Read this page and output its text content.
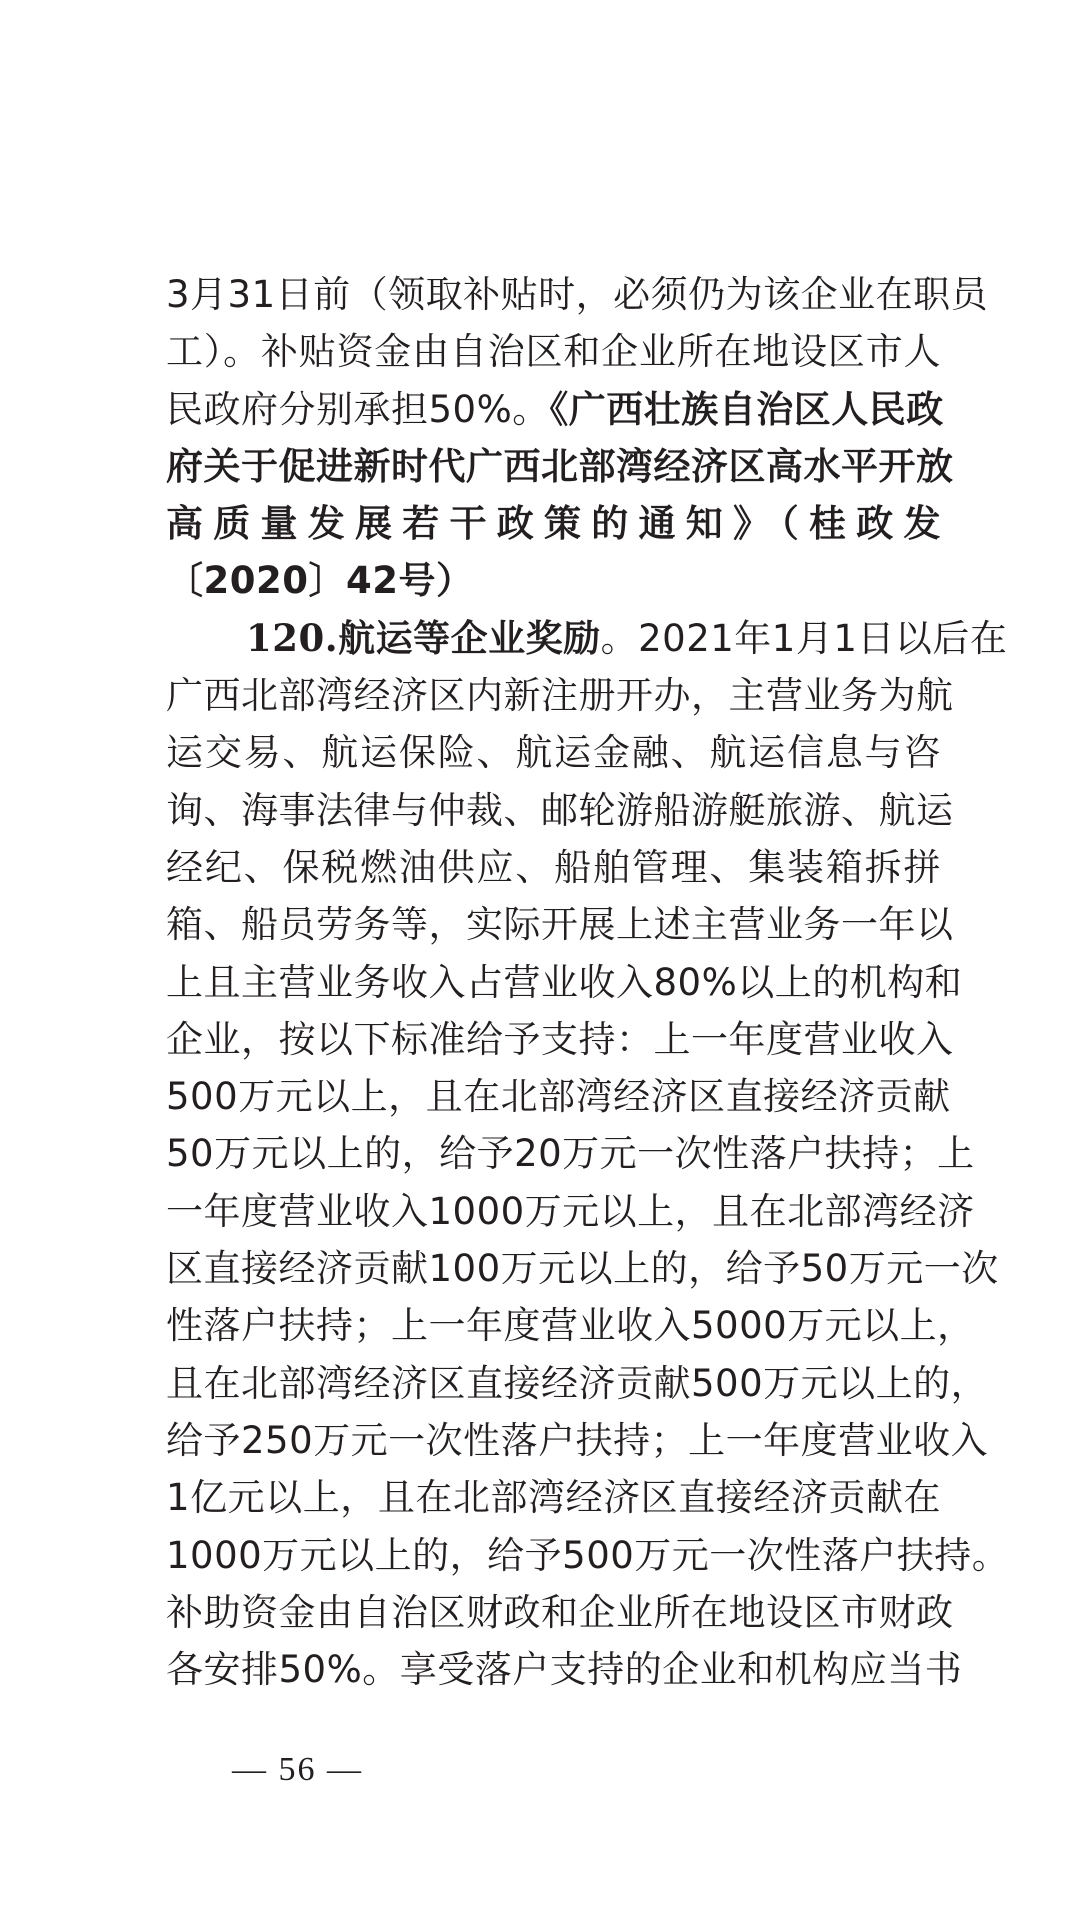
3月31日前（领取补贴时，必须仍为该企业在职员
工）。补贴资金由自治区和企业所在地设区市人
民政府分别承担50%。《广西壮族自治区人民政
府关于促进新时代广西北部湾经济区高水平开放
高质量发展若干政策的通知》（桂政发
〔2020〕42号）
120.航运等企业奖励。2021年1月1日以后在
广西北部湾经济区内新注册开办，主营业务为航
运交易、航运保险、航运金融、航运信息与咨
询、海事法律与仲裁、邮轮游船游艇旅游、航运
经纪、保税燃油供应、船舶管理、集装箱拆拼
箱、船员劳务等，实际开展上述主营业务一年以
上且主营业务收入占营业收入80%以上的机构和
企业，按以下标准给予支持：上一年度营业收入
500万元以上，且在北部湾经济区直接经济贡献
50万元以上的，给予20万元一次性落户扶持；上
一年度营业收入1000万元以上，且在北部湾经济
区直接经济贡献100万元以上的，给予50万元一次
性落户扶持；上一年度营业收入5000万元以上，
且在北部湾经济区直接经济贡献500万元以上的，
给予250万元一次性落户扶持；上一年度营业收入
1亿元以上，且在北部湾经济区直接经济贡献在
1000万元以上的，给予500万元一次性落户扶持。
补助资金由自治区财政和企业所在地设区市财政
各安排50%。享受落户支持的企业和机构应当书
— 56 —
